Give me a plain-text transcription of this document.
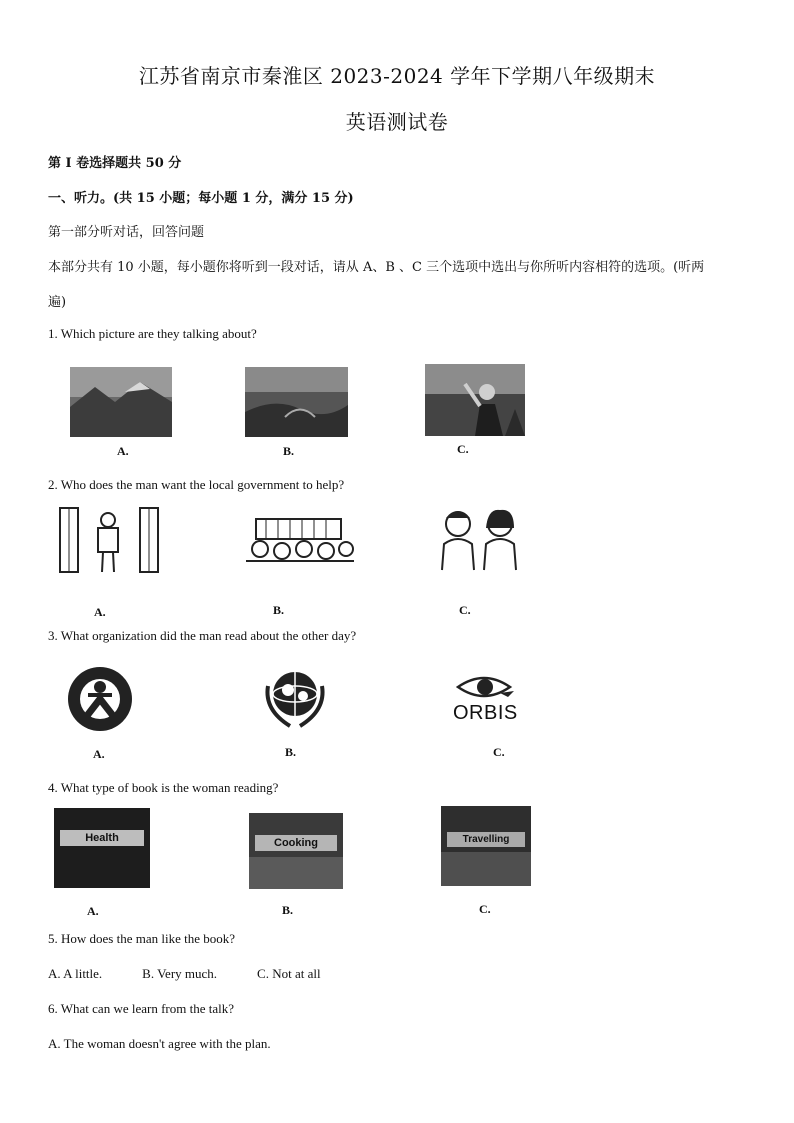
江苏省南京市秦淮区 2023-2024 学年下学期八年级期末
英语测试卷
第 I 卷选择题共 50 分
一、听力。(共 15 小题；每小题 1 分，满分 15 分)
第一部分听对话，回答问题
本部分共有 10 小题，每小题你将听到一段对话，请从 A、B 、C 三个选项中选出与你所听内容相符的选项。(听两
遍)
1. Which picture are they talking about?
A.	B.	C.
2. Who does the man want the local government to help?
A.	B.	C.
3. What organization did the man read about the other day?
ORBIS
A.	B.	C.
4. What type of book is the woman reading?
Health	Cooking	Travelling
A.	B.	C.
5. How does the man like the book?
A. A little.	B. Very much.	C. Not at all
6. What can we learn from the talk?
A. The woman doesn't agree with the plan.
